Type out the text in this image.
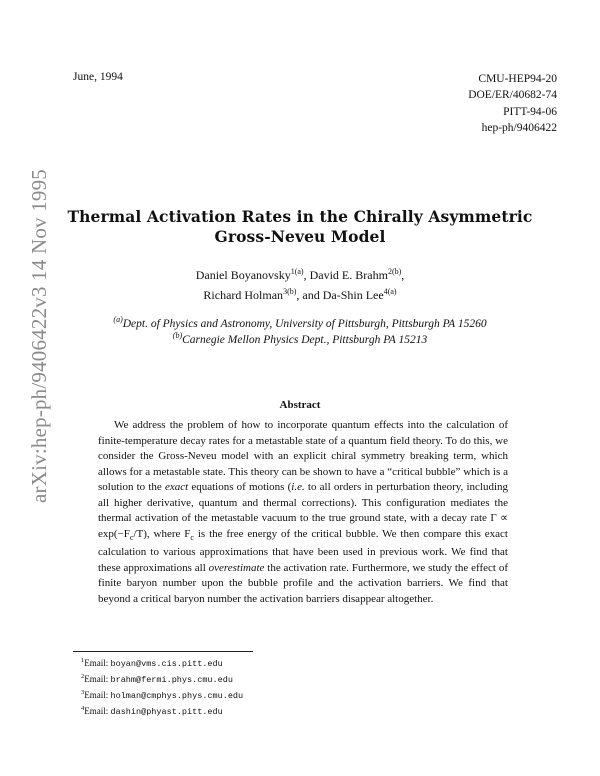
arXiv:hep-ph/9406422v3 14 Nov 1995
June, 1994	CMU-HEP94-20
DOE/ER/40682-74
PITT-94-06
hep-ph/9406422
Thermal Activation Rates in the Chirally Asymmetric
Gross-Neveu Model
Daniel Boyanovsky$^{1(a)}$, David E. Brahm$^{2(b)}$,
Richard Holman$^{3(b)}$, and Da-Shin Lee$^{4(a)}$
$^{(a)}$Dept. of Physics and Astronomy, University of Pittsburgh, Pittsburgh PA 15260
$^{(b)}$Carnegie Mellon Physics Dept., Pittsburgh PA 15213
Abstract
We address the problem of how to incorporate quantum effects into the calculation of finite-temperature decay rates for a metastable state of a quantum field theory. To do this, we consider the Gross-Neveu model with an explicit chiral symmetry breaking term, which allows for a metastable state. This theory can be shown to have a “critical bubble” which is a solution to the exact equations of motions (i.e. to all orders in perturbation theory, including all higher derivative, quantum and thermal corrections). This configuration mediates the thermal activation of the metastable vacuum to the true ground state, with a decay rate $\Gamma \propto \exp(-F_c/T)$, where $F_c$ is the free energy of the critical bubble. We then compare this exact calculation to various approximations that have been used in previous work. We find that these approximations all overestimate the activation rate. Furthermore, we study the effect of finite baryon number upon the bubble profile and the activation barriers. We find that beyond a critical baryon number the activation barriers disappear altogether.
$^1$Email: boyan@vms.cis.pitt.edu
$^2$Email: brahm@fermi.phys.cmu.edu
$^3$Email: holman@cmphys.phys.cmu.edu
$^4$Email: dashin@phyast.pitt.edu
